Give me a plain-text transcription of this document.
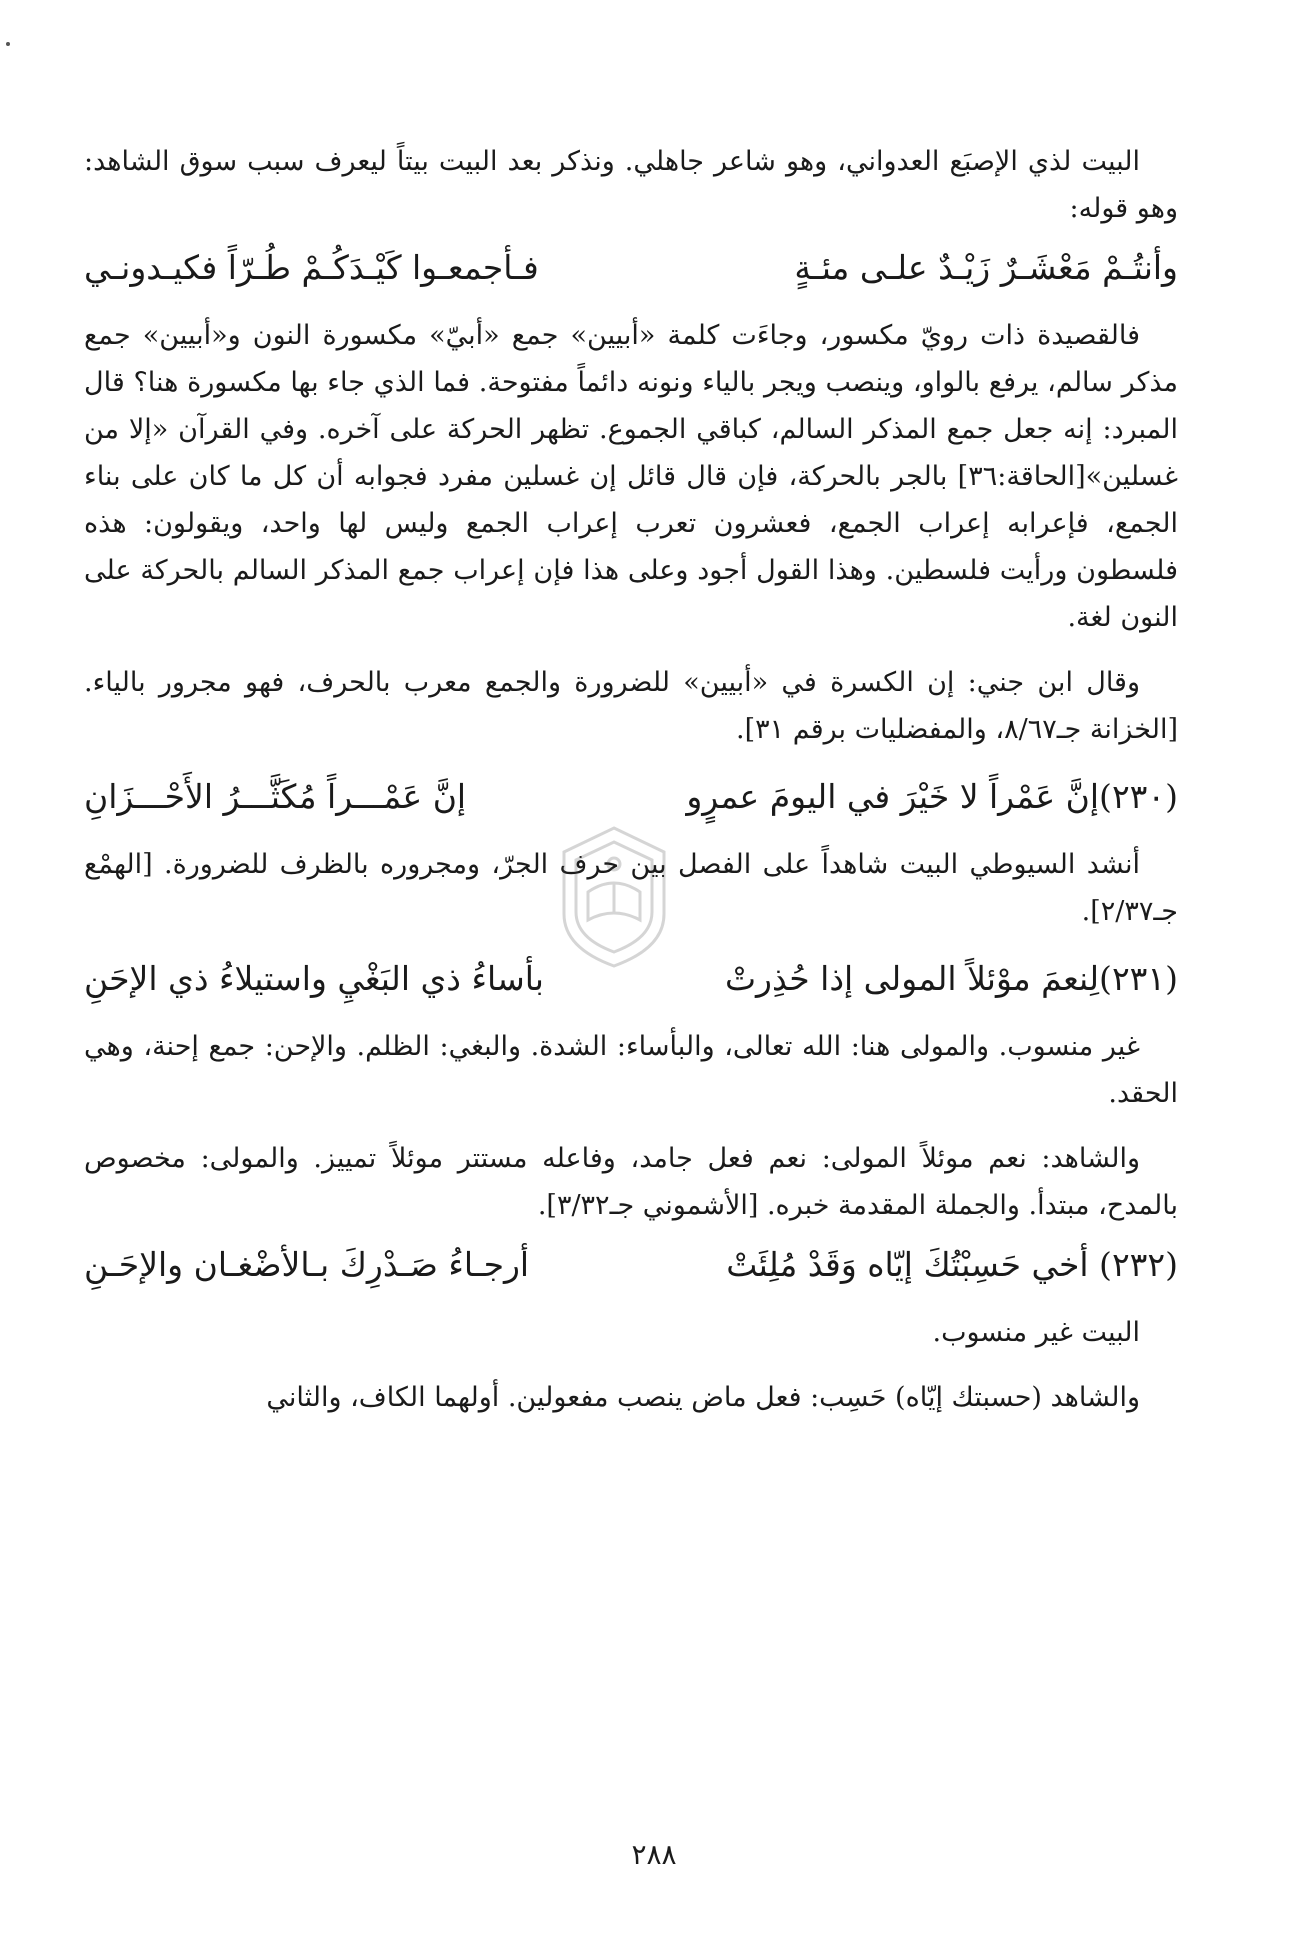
البيت لذي الإصبَع العدواني، وهو شاعر جاهلي. ونذكر بعد البيت بيتاً ليعرف سبب سوق الشاهد: وهو قوله:

وأنتُـمْ مَعْشَـرٌ زَيْـدٌ علـى مئـةٍ
فـأجمعـوا كَيْـدَكُـمْ طُـرّاً فكيـدونـي

فالقصيدة ذات رويّ مكسور، وجاءَت كلمة «أبيين» جمع «أبيّ» مكسورة النون و«أبيين» جمع مذكر سالم، يرفع بالواو، وينصب ويجر بالياء ونونه دائماً مفتوحة. فما الذي جاء بها مكسورة هنا؟ قال المبرد: إنه جعل جمع المذكر السالم، كباقي الجموع. تظهر الحركة على آخره. وفي القرآن «إلا من غسلين»[الحاقة:٣٦] بالجر بالحركة، فإن قال قائل إن غسلين مفرد فجوابه أن كل ما كان على بناء الجمع، فإعرابه إعراب الجمع، فعشرون تعرب إعراب الجمع وليس لها واحد، ويقولون: هذه فلسطون ورأيت فلسطين. وهذا القول أجود وعلى هذا فإن إعراب جمع المذكر السالم بالحركة على النون لغة.

وقال ابن جني: إن الكسرة في «أبيين» للضرورة والجمع معرب بالحرف، فهو مجرور بالياء. [الخزانة جـ٨/٦٧، والمفضليات برقم ٣١].

(٢٣٠)إنَّ عَمْراً لا خَيْرَ في اليومَ عمرٍو
إنَّ عَمْـــراً مُكَثَّـــرُ الأَحْـــزَانِ

أنشد السيوطي البيت شاهداً على الفصل بين حرف الجرّ، ومجروره بالظرف للضرورة. [الهمْع جـ٢/٣٧].

(٢٣١)لِنعمَ موْئلاً المولى إذا حُذِرتْ
بأساءُ ذي البَغْيِ واستيلاءُ ذي الإحَنِ

غير منسوب. والمولى هنا: الله تعالى، والبأساء: الشدة. والبغي: الظلم. والإحن: جمع إحنة، وهي الحقد.

والشاهد: نعم موئلاً المولى: نعم فعل جامد، وفاعله مستتر موئلاً تمييز. والمولى: مخصوص بالمدح، مبتدأ. والجملة المقدمة خبره. [الأشموني جـ٣/٣٢].

(٢٣٢) أخي حَسِبْتُكَ إيّاه وَقَدْ مُلِئَتْ
أرجـاءُ صَـدْرِكَ بـالأضْغـان والإحَـنِ

البيت غير منسوب.

والشاهد (حسبتك إيّاه) حَسِب: فعل ماض ينصب مفعولين. أولهما الكاف، والثاني

٢٨٨
